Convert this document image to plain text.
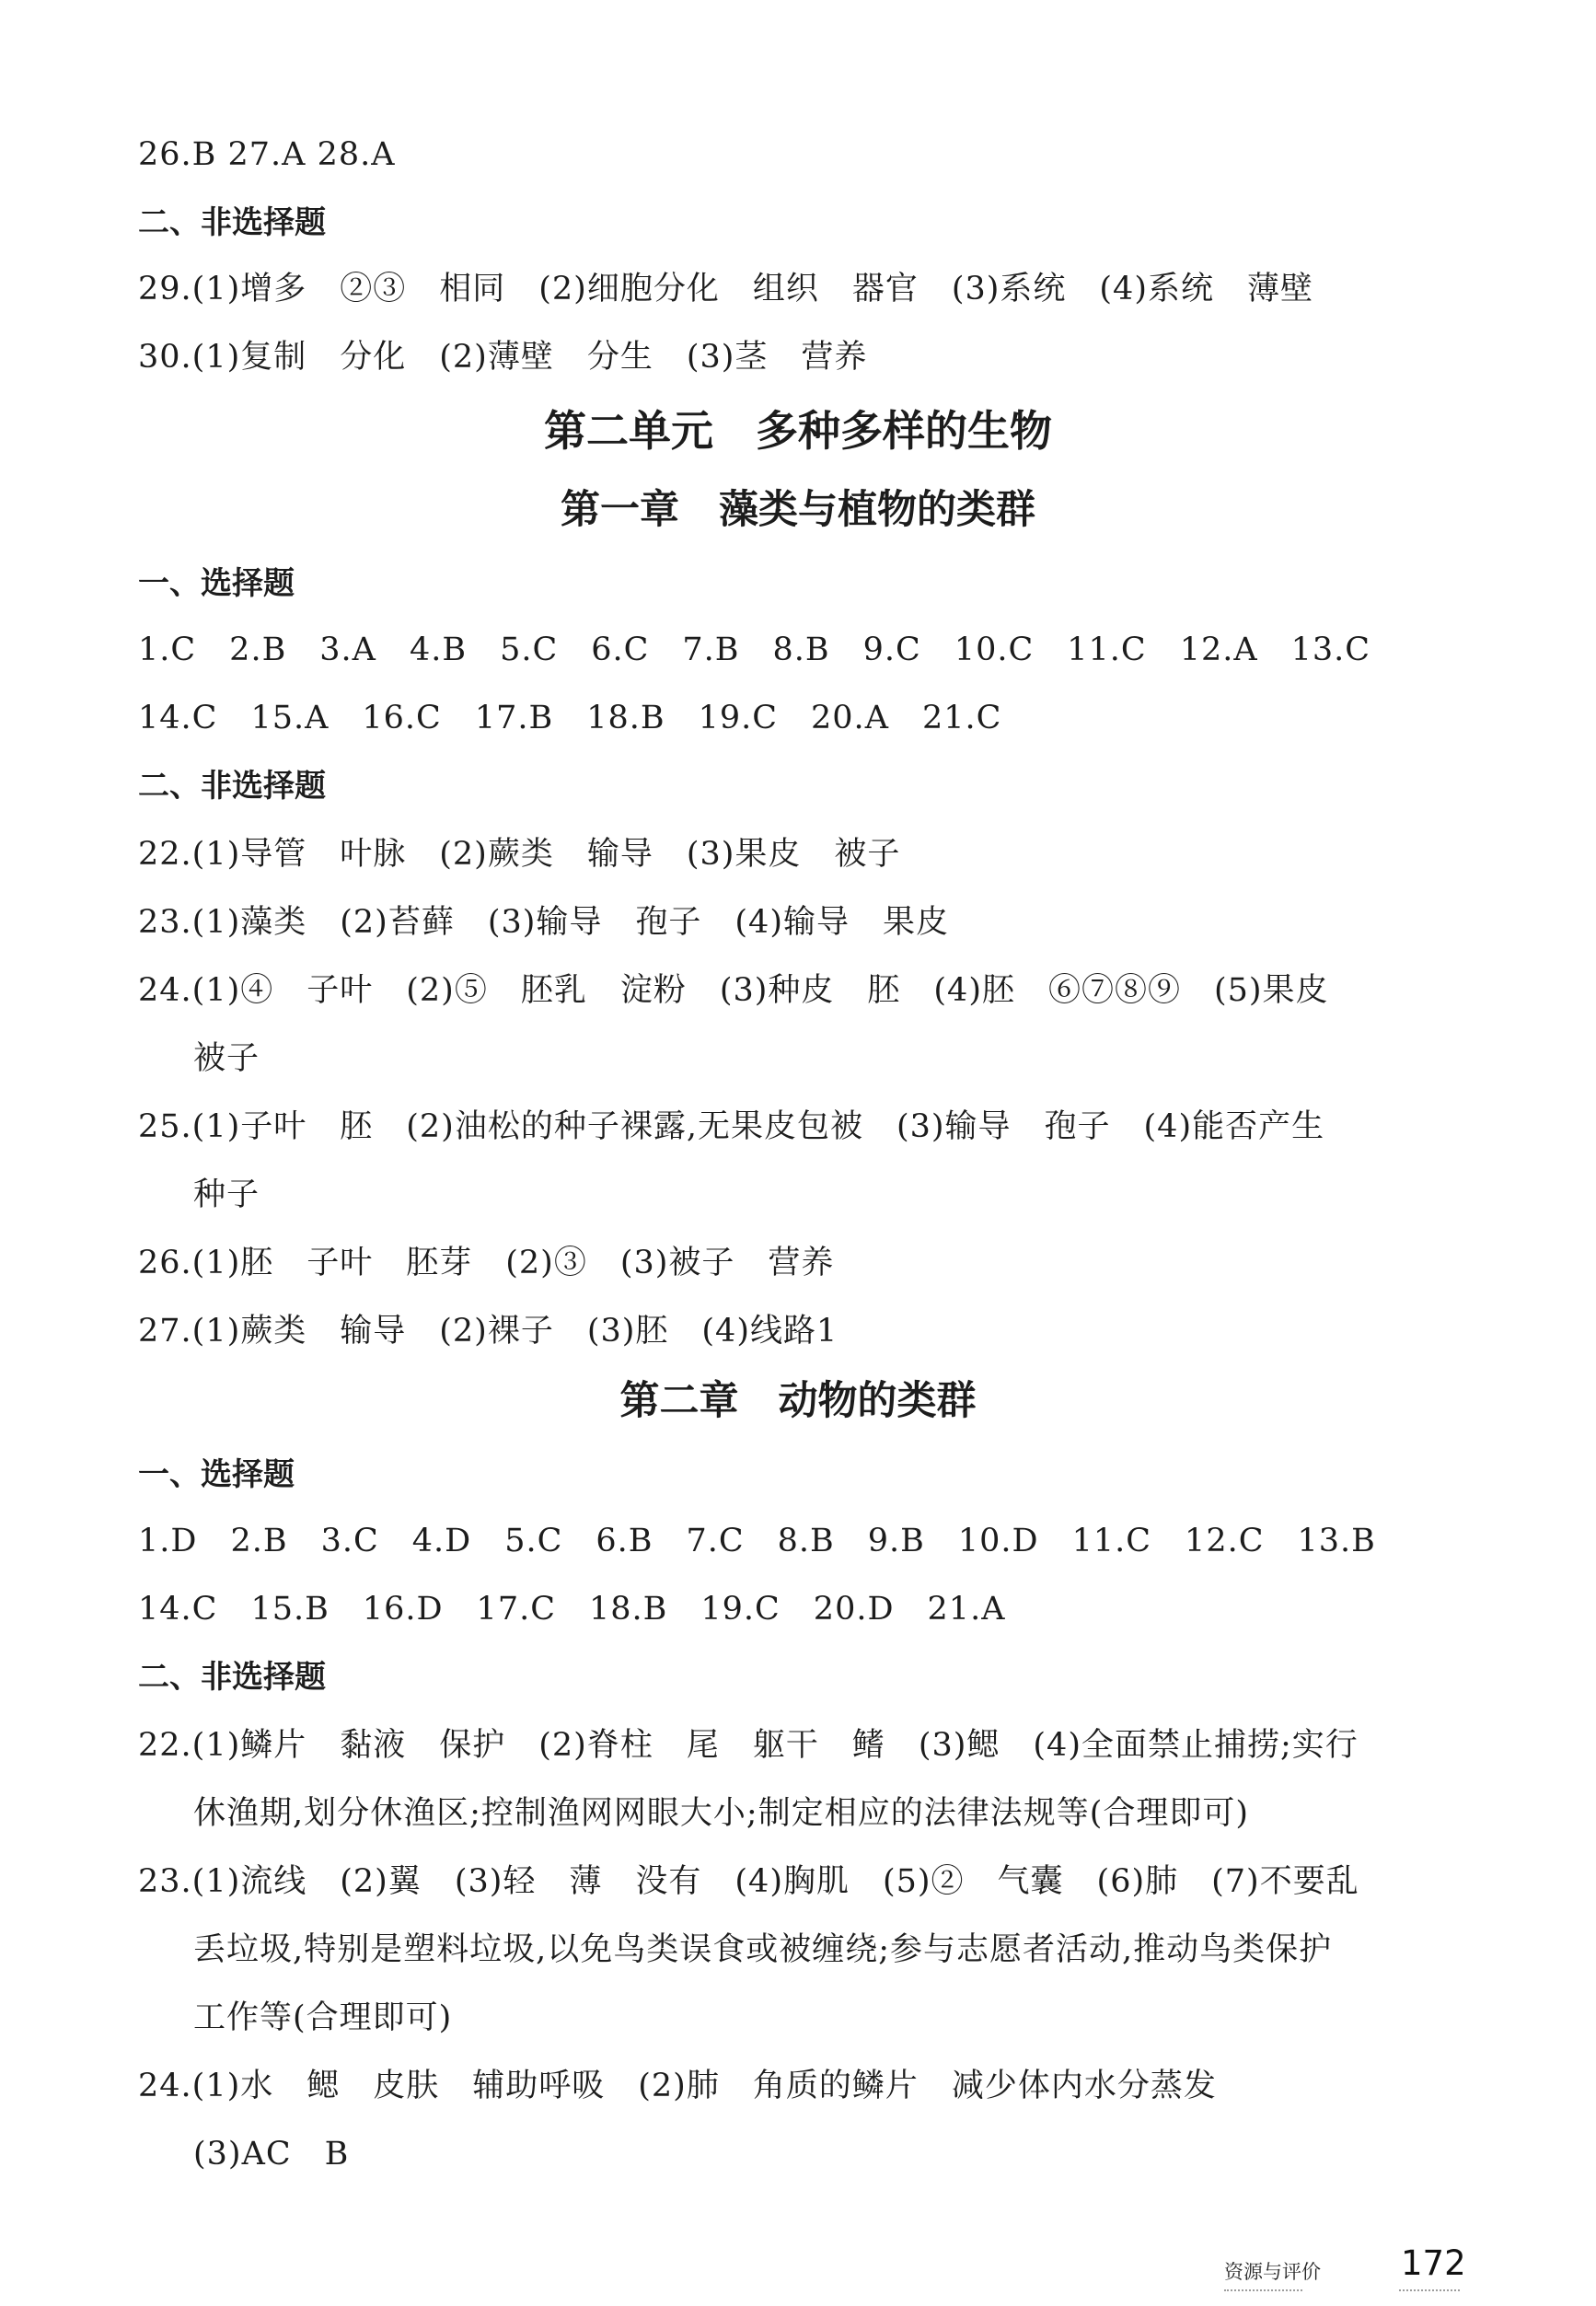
26.B 27.A 28.A
二、非选择题
29.(1)增多　②③　相同　(2)细胞分化　组织　器官　(3)系统　(4)系统　薄壁
30.(1)复制　分化　(2)薄壁　分生　(3)茎　营养
第二单元　多种多样的生物
第一章　藻类与植物的类群
一、选择题
1.C　2.B　3.A　4.B　5.C　6.C　7.B　8.B　9.C　10.C　11.C　12.A　13.C
14.C　15.A　16.C　17.B　18.B　19.C　20.A　21.C
二、非选择题
22.(1)导管　叶脉　(2)蕨类　输导　(3)果皮　被子
23.(1)藻类　(2)苔藓　(3)输导　孢子　(4)输导　果皮
24.(1)④　子叶　(2)⑤　胚乳　淀粉　(3)种皮　胚　(4)胚　⑥⑦⑧⑨　(5)果皮
被子
25.(1)子叶　胚　(2)油松的种子裸露,无果皮包被　(3)输导　孢子　(4)能否产生
种子
26.(1)胚　子叶　胚芽　(2)③　(3)被子　营养
27.(1)蕨类　输导　(2)裸子　(3)胚　(4)线路1
第二章　动物的类群
一、选择题
1.D　2.B　3.C　4.D　5.C　6.B　7.C　8.B　9.B　10.D　11.C　12.C　13.B
14.C　15.B　16.D　17.C　18.B　19.C　20.D　21.A
二、非选择题
22.(1)鳞片　黏液　保护　(2)脊柱　尾　躯干　鳍　(3)鳃　(4)全面禁止捕捞;实行
休渔期,划分休渔区;控制渔网网眼大小;制定相应的法律法规等(合理即可)
23.(1)流线　(2)翼　(3)轻　薄　没有　(4)胸肌　(5)②　气囊　(6)肺　(7)不要乱
丢垃圾,特别是塑料垃圾,以免鸟类误食或被缠绕;参与志愿者活动,推动鸟类保护
工作等(合理即可)
24.(1)水　鳃　皮肤　辅助呼吸　(2)肺　角质的鳞片　减少体内水分蒸发
(3)AC　B
资源与评价 172
